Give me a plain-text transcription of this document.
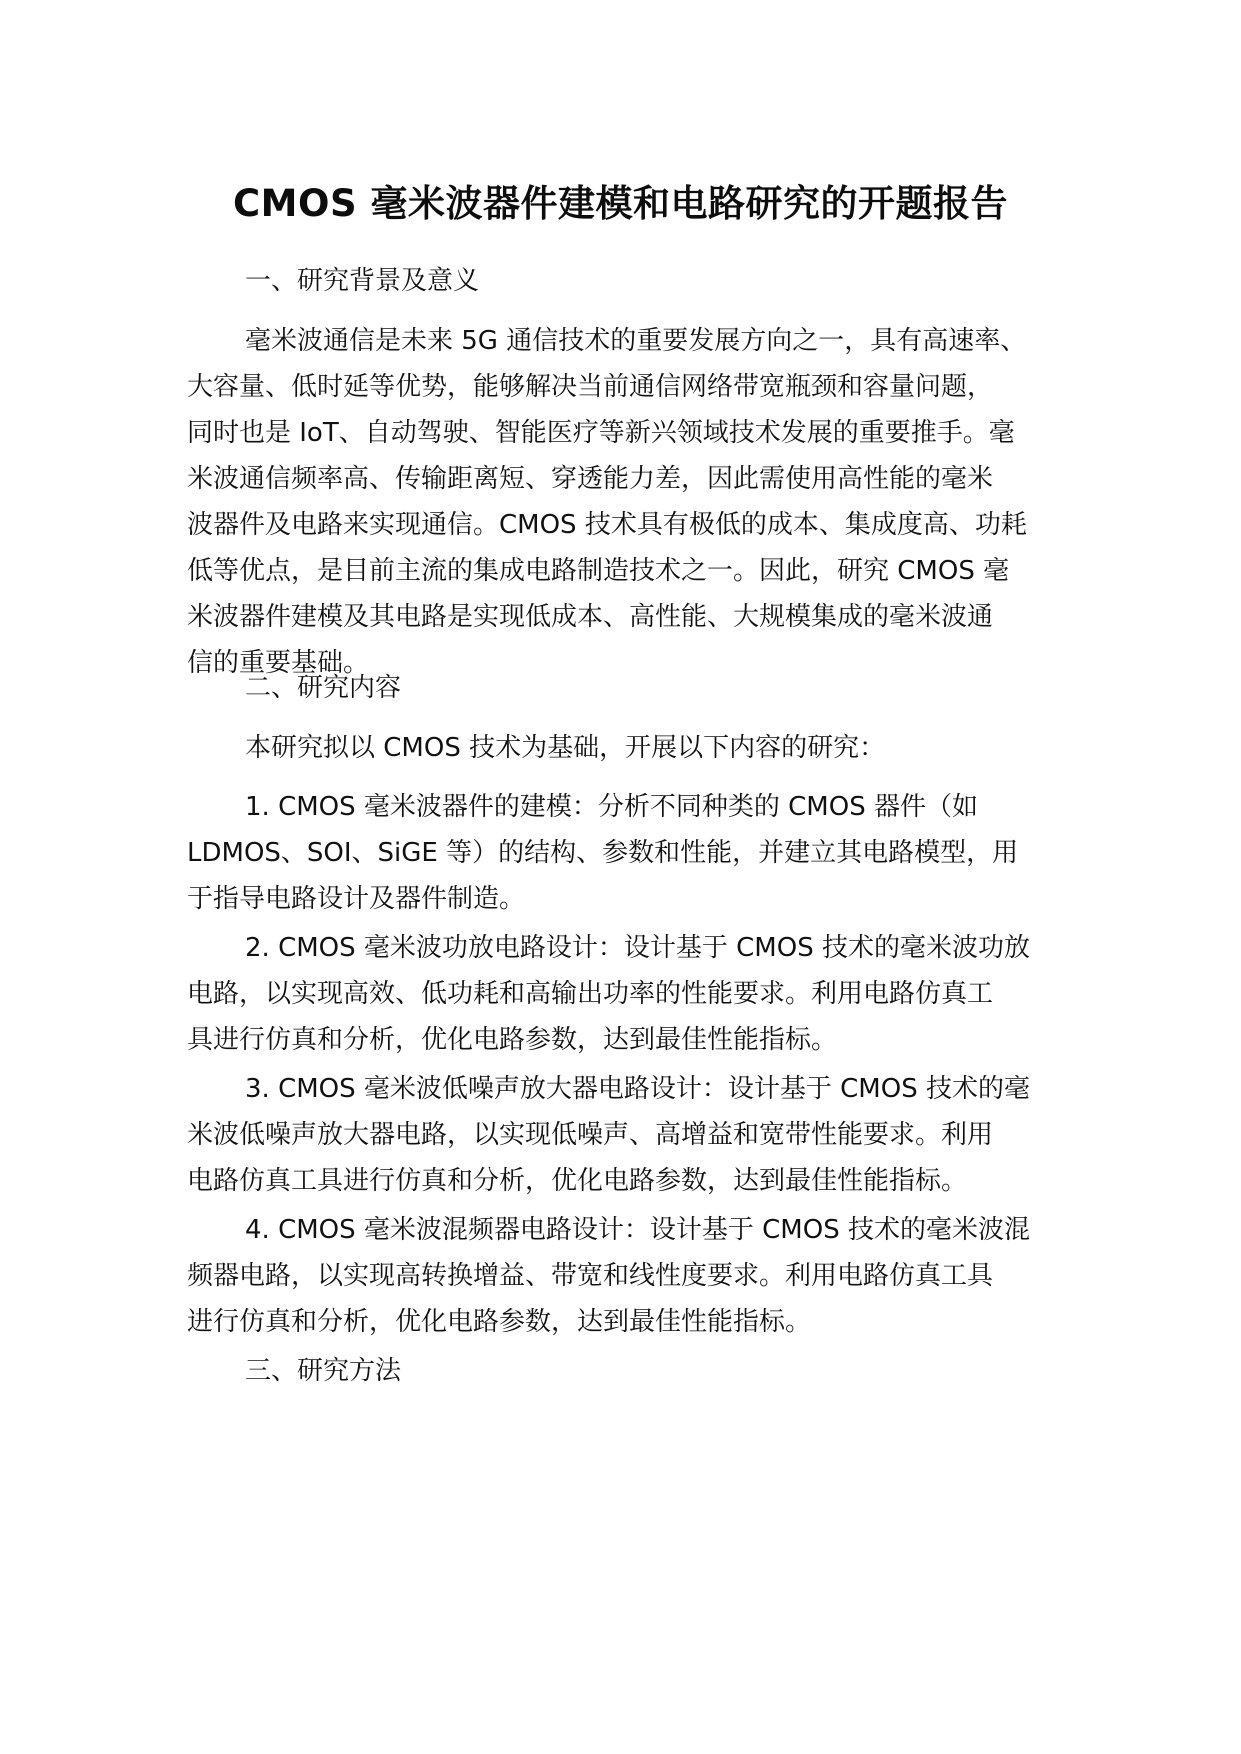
CMOS 毫米波器件建模和电路研究的开题报告
一、研究背景及意义
毫米波通信是未来 5G 通信技术的重要发展方向之一，具有高速率、
大容量、低时延等优势，能够解决当前通信网络带宽瓶颈和容量问题，
同时也是 IoT、自动驾驶、智能医疗等新兴领域技术发展的重要推手。毫
米波通信频率高、传输距离短、穿透能力差，因此需使用高性能的毫米
波器件及电路来实现通信。CMOS 技术具有极低的成本、集成度高、功耗
低等优点，是目前主流的集成电路制造技术之一。因此，研究 CMOS 毫
米波器件建模及其电路是实现低成本、高性能、大规模集成的毫米波通
信的重要基础。
二、研究内容
本研究拟以 CMOS 技术为基础，开展以下内容的研究：
1. CMOS 毫米波器件的建模：分析不同种类的 CMOS 器件（如
LDMOS、SOI、SiGE 等）的结构、参数和性能，并建立其电路模型，用
于指导电路设计及器件制造。
2. CMOS 毫米波功放电路设计：设计基于 CMOS 技术的毫米波功放
电路，以实现高效、低功耗和高输出功率的性能要求。利用电路仿真工
具进行仿真和分析，优化电路参数，达到最佳性能指标。
3. CMOS 毫米波低噪声放大器电路设计：设计基于 CMOS 技术的毫
米波低噪声放大器电路，以实现低噪声、高增益和宽带性能要求。利用
电路仿真工具进行仿真和分析，优化电路参数，达到最佳性能指标。
4. CMOS 毫米波混频器电路设计：设计基于 CMOS 技术的毫米波混
频器电路，以实现高转换增益、带宽和线性度要求。利用电路仿真工具
进行仿真和分析，优化电路参数，达到最佳性能指标。
三、研究方法
